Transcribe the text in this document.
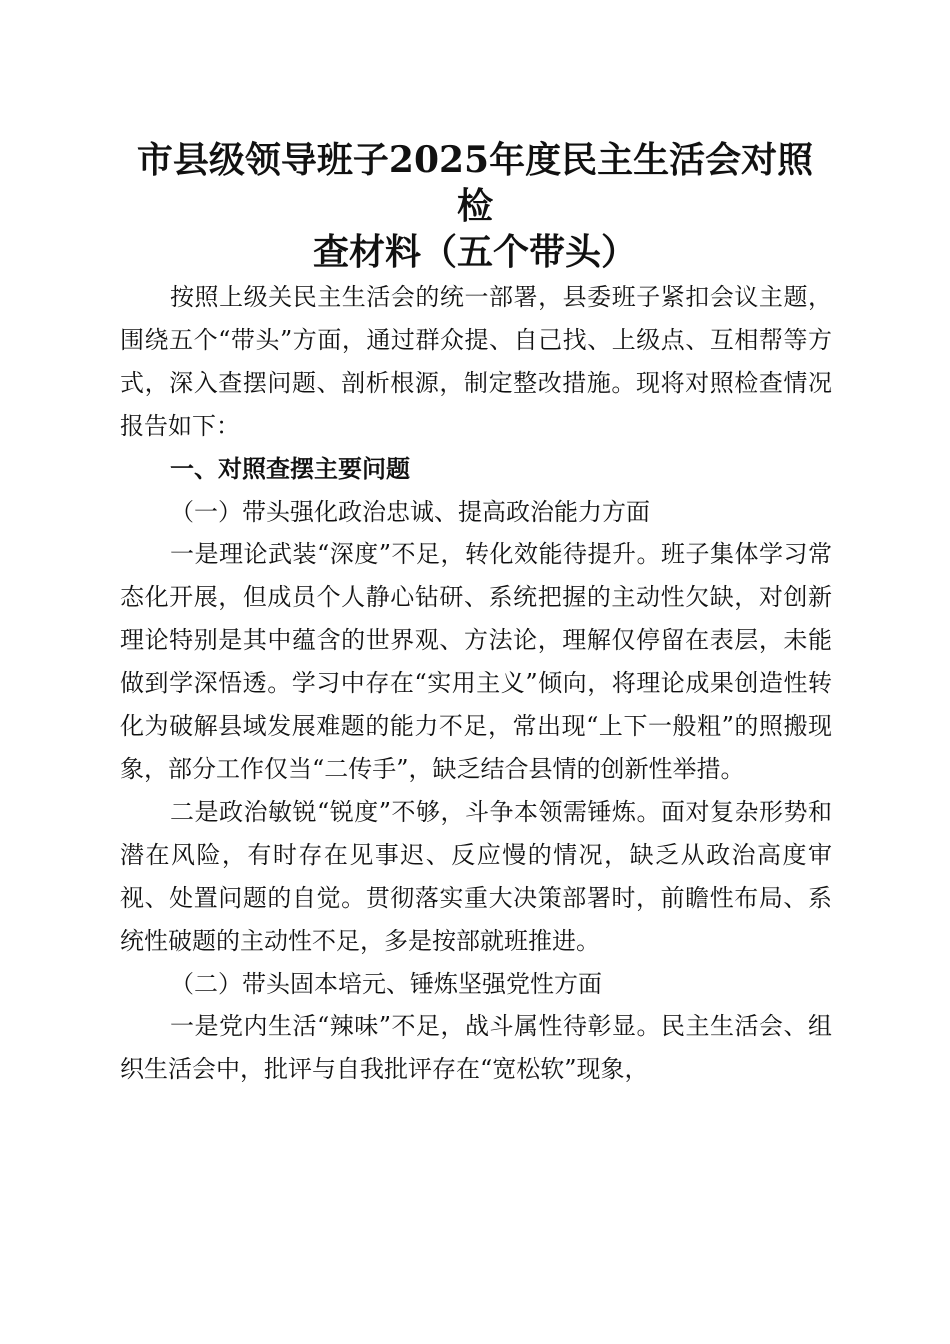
市县级领导班子2025年度民主生活会对照检
查材料（五个带头）

按照上级关民主生活会的统一部署，县委班子紧扣会议主题，围绕五个“带头”方面，通过群众提、自己找、上级点、互相帮等方式，深入查摆问题、剖析根源，制定整改措施。现将对照检查情况报告如下：

一、对照查摆主要问题

（一）带头强化政治忠诚、提高政治能力方面

一是理论武装“深度”不足，转化效能待提升。班子集体学习常态化开展，但成员个人静心钻研、系统把握的主动性欠缺，对创新理论特别是其中蕴含的世界观、方法论，理解仅停留在表层，未能做到学深悟透。学习中存在“实用主义”倾向，将理论成果创造性转化为破解县域发展难题的能力不足，常出现“上下一般粗”的照搬现象，部分工作仅当“二传手”，缺乏结合县情的创新性举措。

二是政治敏锐“锐度”不够，斗争本领需锤炼。面对复杂形势和潜在风险，有时存在见事迟、反应慢的情况，缺乏从政治高度审视、处置问题的自觉。贯彻落实重大决策部署时，前瞻性布局、系统性破题的主动性不足，多是按部就班推进。

（二）带头固本培元、锤炼坚强党性方面

一是党内生活“辣味”不足，战斗属性待彰显。民主生活会、组织生活会中，批评与自我批评存在“宽松软”现象，
